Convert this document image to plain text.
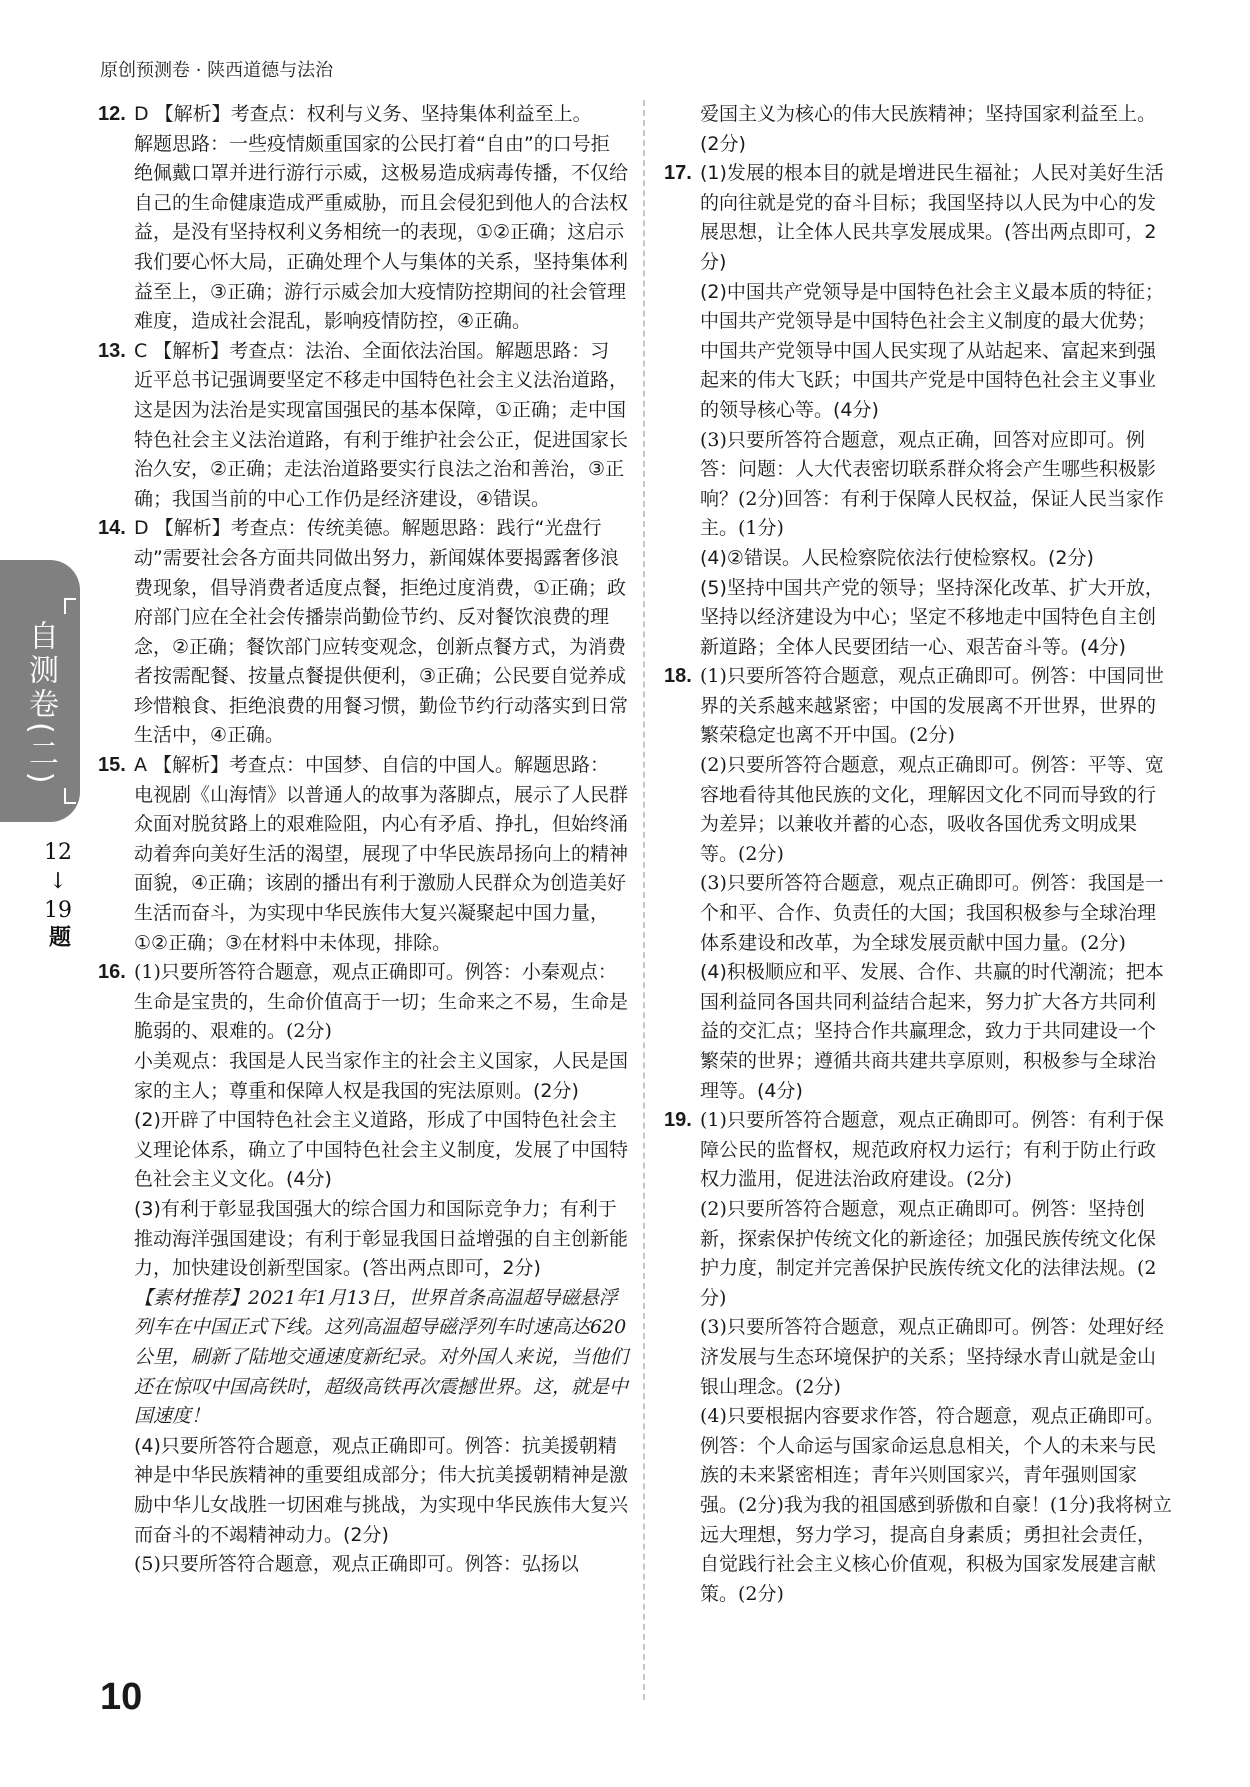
原创预测卷 · 陕西道德与法治
自测卷(二)
12
↓
19

题
12. D 【解析】考查点：权利与义务、坚持集体利益至上。
解题思路：一些疫情颇重国家的公民打着“自由”的口号拒绝佩戴口罩并进行游行示威，这极易造成病毒传播，不仅给自己的生命健康造成严重威胁，而且会侵犯到他人的合法权益，是没有坚持权利义务相统一的表现，①②正确；这启示我们要心怀大局，正确处理个人与集体的关系，坚持集体利益至上，③正确；游行示威会加大疫情防控期间的社会管理难度，造成社会混乱，影响疫情防控，④正确。
13. C 【解析】考查点：法治、全面依法治国。解题思路：习近平总书记强调要坚定不移走中国特色社会主义法治道路，这是因为法治是实现富国强民的基本保障，①正确；走中国特色社会主义法治道路，有利于维护社会公正，促进国家长治久安，②正确；走法治道路要实行良法之治和善治，③正确；我国当前的中心工作仍是经济建设，④错误。
14. D 【解析】考查点：传统美德。解题思路：践行“光盘行动”需要社会各方面共同做出努力，新闻媒体要揭露奢侈浪费现象，倡导消费者适度点餐，拒绝过度消费，①正确；政府部门应在全社会传播崇尚勤俭节约、反对餐饮浪费的理念，②正确；餐饮部门应转变观念，创新点餐方式，为消费者按需配餐、按量点餐提供便利，③正确；公民要自觉养成珍惜粮食、拒绝浪费的用餐习惯，勤俭节约行动落实到日常生活中，④正确。
15. A 【解析】考查点：中国梦、自信的中国人。解题思路：电视剧《山海情》以普通人的故事为落脚点，展示了人民群众面对脱贫路上的艰难险阻，内心有矛盾、挣扎，但始终涌动着奔向美好生活的渴望，展现了中华民族昂扬向上的精神面貌，④正确；该剧的播出有利于激励人民群众为创造美好生活而奋斗，为实现中华民族伟大复兴凝聚起中国力量，①②正确；③在材料中未体现，排除。
16. (1)只要所答符合题意，观点正确即可。例答：小秦观点：生命是宝贵的，生命价值高于一切；生命来之不易，生命是脆弱的、艰难的。(2分)
小美观点：我国是人民当家作主的社会主义国家，人民是国家的主人；尊重和保障人权是我国的宪法原则。(2分)
(2)开辟了中国特色社会主义道路，形成了中国特色社会主义理论体系，确立了中国特色社会主义制度，发展了中国特色社会主义文化。(4分)
(3)有利于彰显我国强大的综合国力和国际竞争力；有利于推动海洋强国建设；有利于彰显我国日益增强的自主创新能力，加快建设创新型国家。(答出两点即可，2分)
【素材推荐】2021年1月13日，世界首条高温超导磁悬浮列车在中国正式下线。这列高温超导磁浮列车时速高达620公里，刷新了陆地交通速度新纪录。对外国人来说，当他们还在惊叹中国高铁时，超级高铁再次震撼世界。这，就是中国速度！
(4)只要所答符合题意，观点正确即可。例答：抗美援朝精神是中华民族精神的重要组成部分；伟大抗美援朝精神是激励中华儿女战胜一切困难与挑战，为实现中华民族伟大复兴而奋斗的不竭精神动力。(2分)
(5)只要所答符合题意，观点正确即可。例答：弘扬以
爱国主义为核心的伟大民族精神；坚持国家利益至上。(2分)
17. (1)发展的根本目的就是增进民生福祉；人民对美好生活的向往就是党的奋斗目标；我国坚持以人民为中心的发展思想，让全体人民共享发展成果。(答出两点即可，2分)
(2)中国共产党领导是中国特色社会主义最本质的特征；中国共产党领导是中国特色社会主义制度的最大优势；中国共产党领导中国人民实现了从站起来、富起来到强起来的伟大飞跃；中国共产党是中国特色社会主义事业的领导核心等。(4分)
(3)只要所答符合题意，观点正确，回答对应即可。例答：问题：人大代表密切联系群众将会产生哪些积极影响？(2分)回答：有利于保障人民权益，保证人民当家作主。(1分)
(4)②错误。人民检察院依法行使检察权。(2分)
(5)坚持中国共产党的领导；坚持深化改革、扩大开放，坚持以经济建设为中心；坚定不移地走中国特色自主创新道路；全体人民要团结一心、艰苦奋斗等。(4分)
18. (1)只要所答符合题意，观点正确即可。例答：中国同世界的关系越来越紧密；中国的发展离不开世界，世界的繁荣稳定也离不开中国。(2分)
(2)只要所答符合题意，观点正确即可。例答：平等、宽容地看待其他民族的文化，理解因文化不同而导致的行为差异；以兼收并蓄的心态，吸收各国优秀文明成果等。(2分)
(3)只要所答符合题意，观点正确即可。例答：我国是一个和平、合作、负责任的大国；我国积极参与全球治理体系建设和改革，为全球发展贡献中国力量。(2分)
(4)积极顺应和平、发展、合作、共赢的时代潮流；把本国利益同各国共同利益结合起来，努力扩大各方共同利益的交汇点；坚持合作共赢理念，致力于共同建设一个繁荣的世界；遵循共商共建共享原则，积极参与全球治理等。(4分)
19. (1)只要所答符合题意，观点正确即可。例答：有利于保障公民的监督权，规范政府权力运行；有利于防止行政权力滥用，促进法治政府建设。(2分)
(2)只要所答符合题意，观点正确即可。例答：坚持创新，探索保护传统文化的新途径；加强民族传统文化保护力度，制定并完善保护民族传统文化的法律法规。(2分)
(3)只要所答符合题意，观点正确即可。例答：处理好经济发展与生态环境保护的关系；坚持绿水青山就是金山银山理念。(2分)
(4)只要根据内容要求作答，符合题意，观点正确即可。例答：个人命运与国家命运息息相关，个人的未来与民族的未来紧密相连；青年兴则国家兴，青年强则国家强。(2分)我为我的祖国感到骄傲和自豪！(1分)我将树立远大理想，努力学习，提高自身素质；勇担社会责任，自觉践行社会主义核心价值观，积极为国家发展建言献策。(2分)
10
